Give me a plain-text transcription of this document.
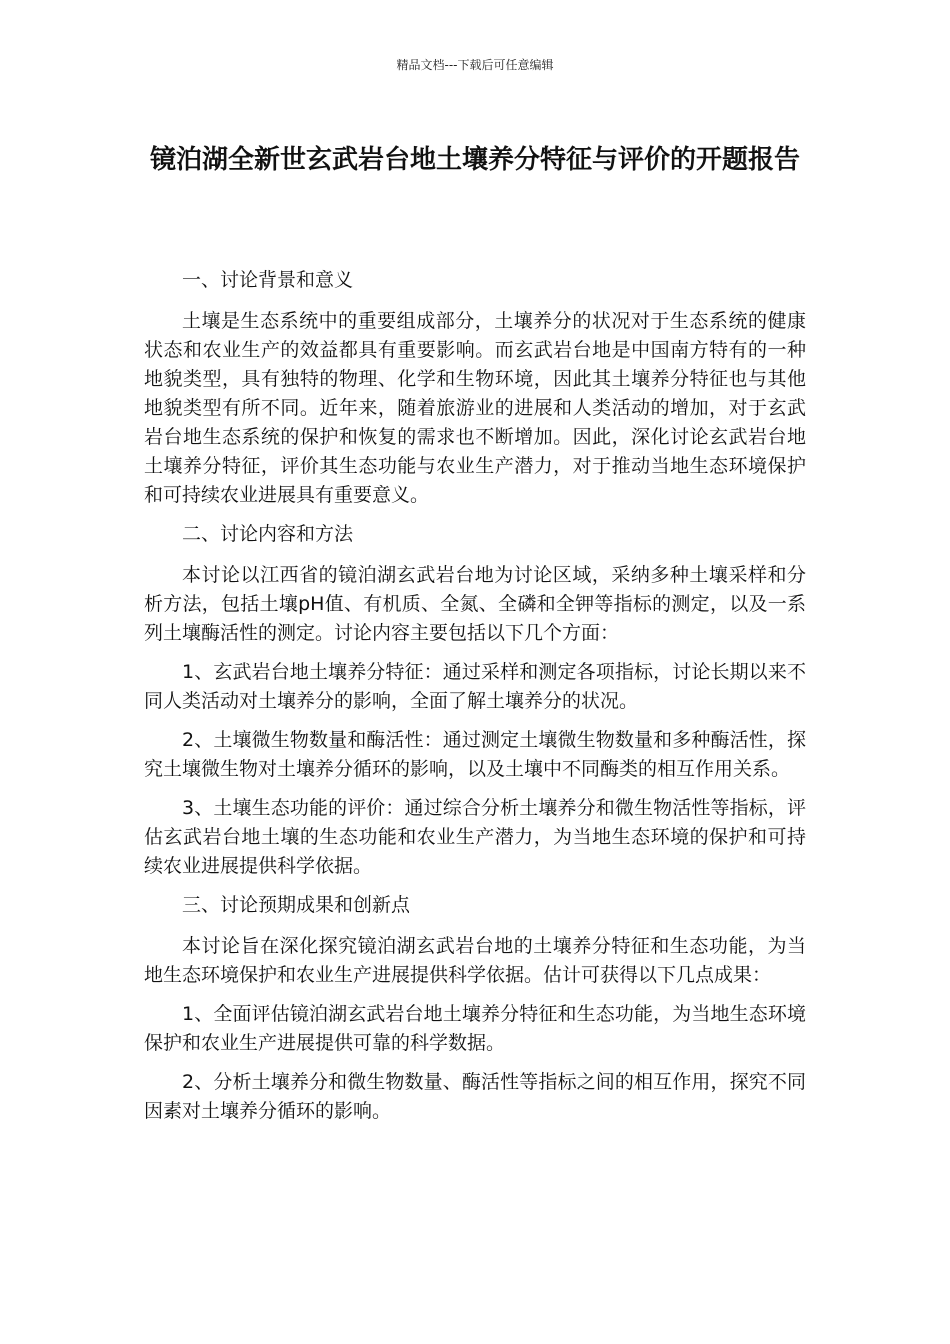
精品文档---下载后可任意编辑
镜泊湖全新世玄武岩台地土壤养分特征与评价的开题报告

一、讨论背景和意义

土壤是生态系统中的重要组成部分，土壤养分的状况对于生态系统的健康状态和农业生产的效益都具有重要影响。而玄武岩台地是中国南方特有的一种地貌类型，具有独特的物理、化学和生物环境，因此其土壤养分特征也与其他地貌类型有所不同。近年来，随着旅游业的进展和人类活动的增加，对于玄武岩台地生态系统的保护和恢复的需求也不断增加。因此，深化讨论玄武岩台地土壤养分特征，评价其生态功能与农业生产潜力，对于推动当地生态环境保护和可持续农业进展具有重要意义。

二、讨论内容和方法

本讨论以江西省的镜泊湖玄武岩台地为讨论区域，采纳多种土壤采样和分析方法，包括土壤pH值、有机质、全氮、全磷和全钾等指标的测定，以及一系列土壤酶活性的测定。讨论内容主要包括以下几个方面：

1、玄武岩台地土壤养分特征：通过采样和测定各项指标，讨论长期以来不同人类活动对土壤养分的影响，全面了解土壤养分的状况。

2、土壤微生物数量和酶活性：通过测定土壤微生物数量和多种酶活性，探究土壤微生物对土壤养分循环的影响，以及土壤中不同酶类的相互作用关系。

3、土壤生态功能的评价：通过综合分析土壤养分和微生物活性等指标，评估玄武岩台地土壤的生态功能和农业生产潜力，为当地生态环境的保护和可持续农业进展提供科学依据。

三、讨论预期成果和创新点

本讨论旨在深化探究镜泊湖玄武岩台地的土壤养分特征和生态功能，为当地生态环境保护和农业生产进展提供科学依据。估计可获得以下几点成果：

1、全面评估镜泊湖玄武岩台地土壤养分特征和生态功能，为当地生态环境保护和农业生产进展提供可靠的科学数据。

2、分析土壤养分和微生物数量、酶活性等指标之间的相互作用，探究不同因素对土壤养分循环的影响。
